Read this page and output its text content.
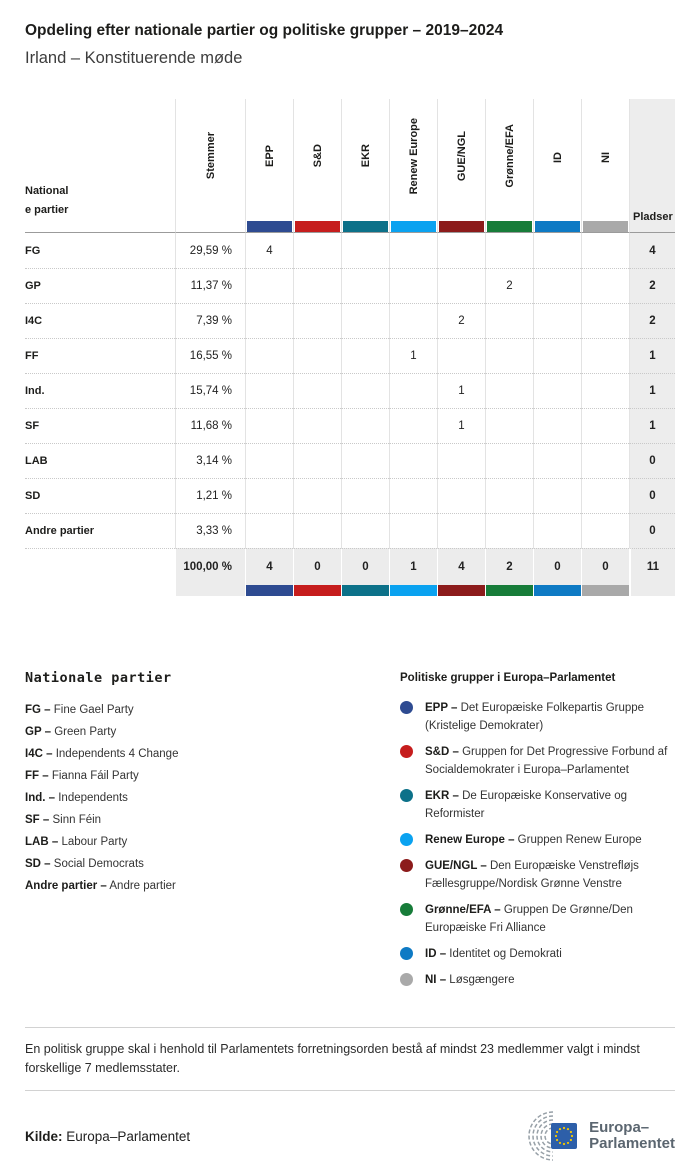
Opdeling efter nationale partier og politiske grupper – 2019–2024
Irland – Konstituerende møde
National
e partier	Stemmer	EPP	S&D	EKR	Renew Europe	GUE/NGL	Grønne/EFA	ID	NI	Pladser

FG	29,59 %	4								4
GP	11,37 %						2			2
I4C	7,39 %					2				2
FF	16,55 %				1					1
Ind.	15,74 %					1				1
SF	11,68 %					1				1
LAB	3,14 %									0
SD	1,21 %									0
Andre partier	3,33 %									0
	100,00 %	4	0	0	1	4	2	0	0	11

Nationale partier
FG – Fine Gael Party
GP – Green Party
I4C – Independents 4 Change
FF – Fianna Fáil Party
Ind. – Independents
SF – Sinn Féin
LAB – Labour Party
SD – Social Democrats
Andre partier – Andre partier
Politiske grupper i Europa–Parlamentet
EPP – Det Europæiske Folkepartis Gruppe (Kristelige Demokrater)
S&D – Gruppen for Det Progressive Forbund af Socialdemokrater i Europa–Parlamentet
EKR – De Europæiske Konservative og Reformister
Renew Europe – Gruppen Renew Europe
GUE/NGL – Den Europæiske Venstrefløjs Fællesgruppe/Nordisk Grønne Venstre
Grønne/EFA – Gruppen De Grønne/Den Europæiske Fri Alliance
ID – Identitet og Demokrati
NI – Løsgængere

En politisk gruppe skal i henhold til Parlamentets forretningsorden bestå af mindst 23 medlemmer valgt i mindst forskellige 7 medlemsstater.

Kilde: Europa–Parlamentet	Europa–
Parlamentet
